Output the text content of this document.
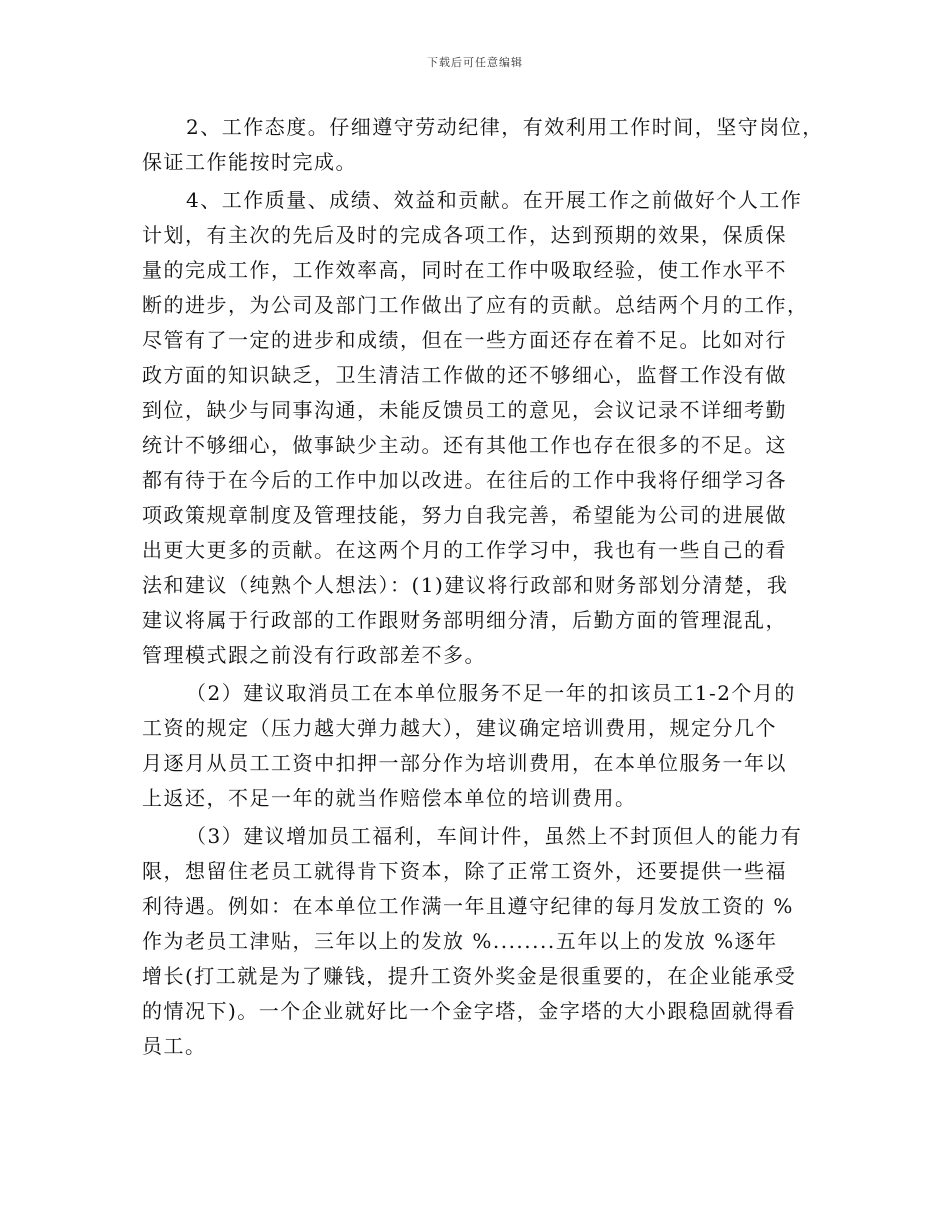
下载后可任意编辑
2、工作态度。仔细遵守劳动纪律，有效利用工作时间，坚守岗位，
保证工作能按时完成。
4、工作质量、成绩、效益和贡献。在开展工作之前做好个人工作
计划，有主次的先后及时的完成各项工作，达到预期的效果，保质保
量的完成工作，工作效率高，同时在工作中吸取经验，使工作水平不
断的进步，为公司及部门工作做出了应有的贡献。总结两个月的工作，
尽管有了一定的进步和成绩，但在一些方面还存在着不足。比如对行
政方面的知识缺乏，卫生清洁工作做的还不够细心，监督工作没有做
到位，缺少与同事沟通，未能反馈员工的意见，会议记录不详细考勤
统计不够细心，做事缺少主动。还有其他工作也存在很多的不足。这
都有待于在今后的工作中加以改进。在往后的工作中我将仔细学习各
项政策规章制度及管理技能，努力自我完善，希望能为公司的进展做
出更大更多的贡献。在这两个月的工作学习中，我也有一些自己的看
法和建议（纯熟个人想法）：(1)建议将行政部和财务部划分清楚，我
建议将属于行政部的工作跟财务部明细分清，后勤方面的管理混乱，
管理模式跟之前没有行政部差不多。
（2）建议取消员工在本单位服务不足一年的扣该员工1-2个月的
工资的规定（压力越大弹力越大），建议确定培训费用，规定分几个
月逐月从员工工资中扣押一部分作为培训费用，在本单位服务一年以
上返还，不足一年的就当作赔偿本单位的培训费用。
（3）建议增加员工福利，车间计件，虽然上不封顶但人的能力有
限，想留住老员工就得肯下资本，除了正常工资外，还要提供一些福
利待遇。例如：在本单位工作满一年且遵守纪律的每月发放工资的 %
作为老员工津贴，三年以上的发放 %........五年以上的发放 %逐年
增长(打工就是为了赚钱，提升工资外奖金是很重要的，在企业能承受
的情况下)。一个企业就好比一个金字塔，金字塔的大小跟稳固就得看
员工。
